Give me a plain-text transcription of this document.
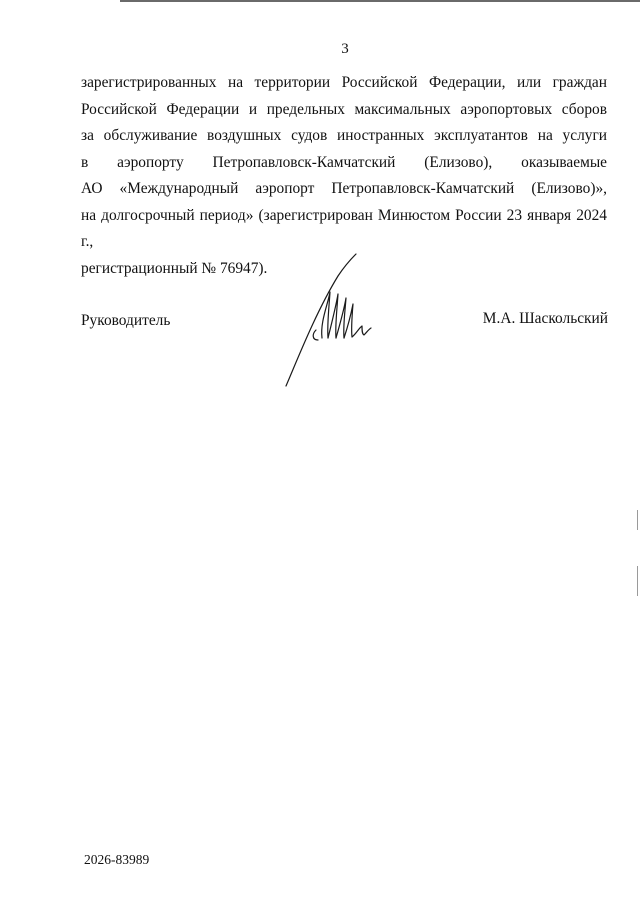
3
зарегистрированных на территории Российской Федерации, или граждан
Российской Федерации и предельных максимальных аэропортовых сборов
за обслуживание воздушных судов иностранных эксплуатантов на услуги
в аэропорту Петропавловск-Камчатский (Елизово), оказываемые
АО «Международный аэропорт Петропавловск-Камчатский (Елизово)»,
на долгосрочный период» (зарегистрирован Минюстом России 23 января 2024 г.,
регистрационный № 76947).
Руководитель	М.А. Шаскольский
2026-83989
